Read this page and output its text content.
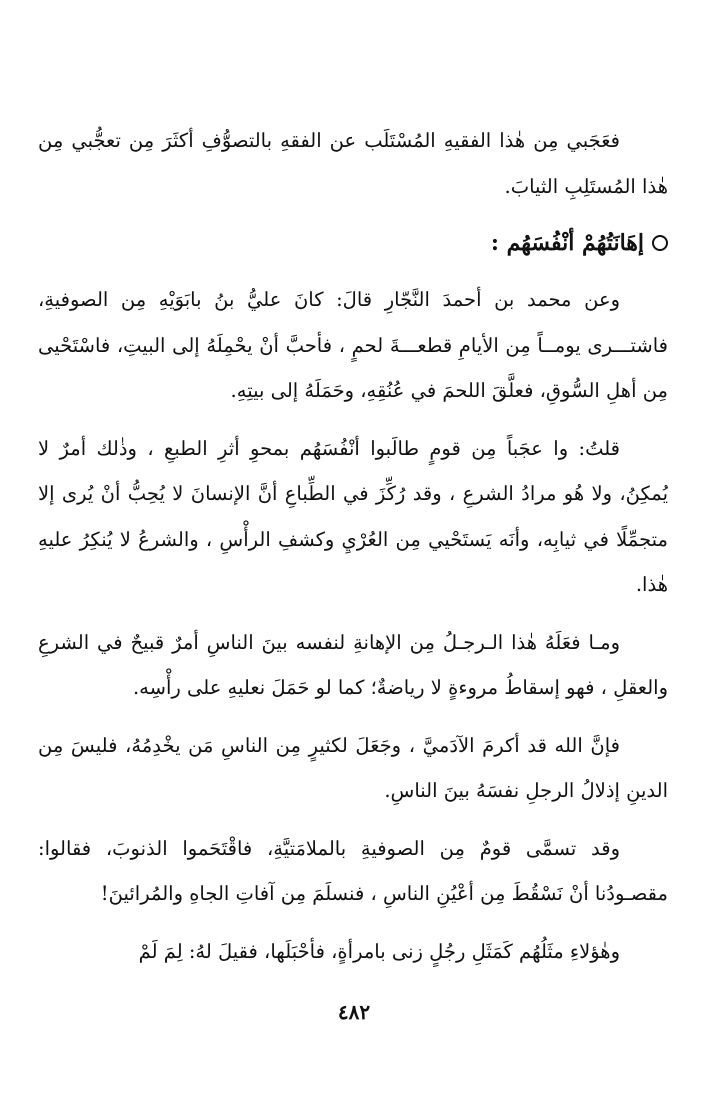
فعَجَبي مِن هٰذا الفقيهِ المُسْتَلَب عن الفقهِ بالتصوُّفِ أكثَرَ مِن تعجُّبي مِن هٰذا المُستَلِبِ الثيابَ.

إهَانَتُهُمْ أنْفُسَهُم :

وعن محمد بن أحمدَ النَّجّارِ قالَ: كانَ عليُّ بنُ بابَوَيْهِ مِن الصوفيةِ، فاشتـــرى يومــاً مِن الأيامِ قطعـــةَ لحمٍ ، فأحبَّ أنْ يحْمِلَهُ إلى البيتِ، فاسْتَحْيى مِن أهلِ السُّوقِ، فعلَّقَ اللحمَ في عُنُقِهِ، وحَمَلَهُ إلى بيتِهِ.

قلتُ: وا عجَباً مِن قومٍ طالَبوا أنْفُسَهُم بمحوِ أثرِ الطبعِ ، وذٰلك أمرٌ لا يُمكِنُ، ولا هُو مرادُ الشرعِ ، وقد رُكِّزَ في الطِّباعِ أنَّ الإنسانَ لا يُحِبُّ أنْ يُرى إلا متجمِّلًا في ثيابِه، وأنَه يَستَحْيي مِن العُرْيِ وكشفِ الرأْسِ ، والشرعُ لا يُنكِرُ عليهِ هٰذا.

ومـا فعَلَهُ هٰذا الـرجـلُ مِن الإهانةِ لنفسه بينَ الناسِ أمرٌ قبيحٌ في الشرعِ والعقلِ ، فهو إسقاطُ مروءةٍ لا رياضةٌ؛ كما لو حَمَلَ نعليهِ على رأْسِه.

فإنَّ الله قد أكرمَ الآدَميَّ ، وجَعَلَ لكثيرٍ مِن الناسِ مَن يخْدِمُهُ، فليسَ مِن الدينِ إذلالُ الرجلِ نفسَهُ بينَ الناسِ.

وقد تسمَّى قومٌ مِن الصوفيةِ بالملامَتيَّةِ، فاقْتَحَموا الذنوبَ، فقالوا: مقصـودُنا أنْ نَسْقُطَ مِن أعْيُنِ الناسِ ، فنسلَمَ مِن آفاتِ الجاهِ والمُرائينَ!

وهٰؤلاءِ مثَلُهُم كَمَثَلِ رجُلٍ زنى بامرأةٍ، فأحْبَلَها، فقيلَ لهُ: لِمَ لَمْ

٤٨٢
